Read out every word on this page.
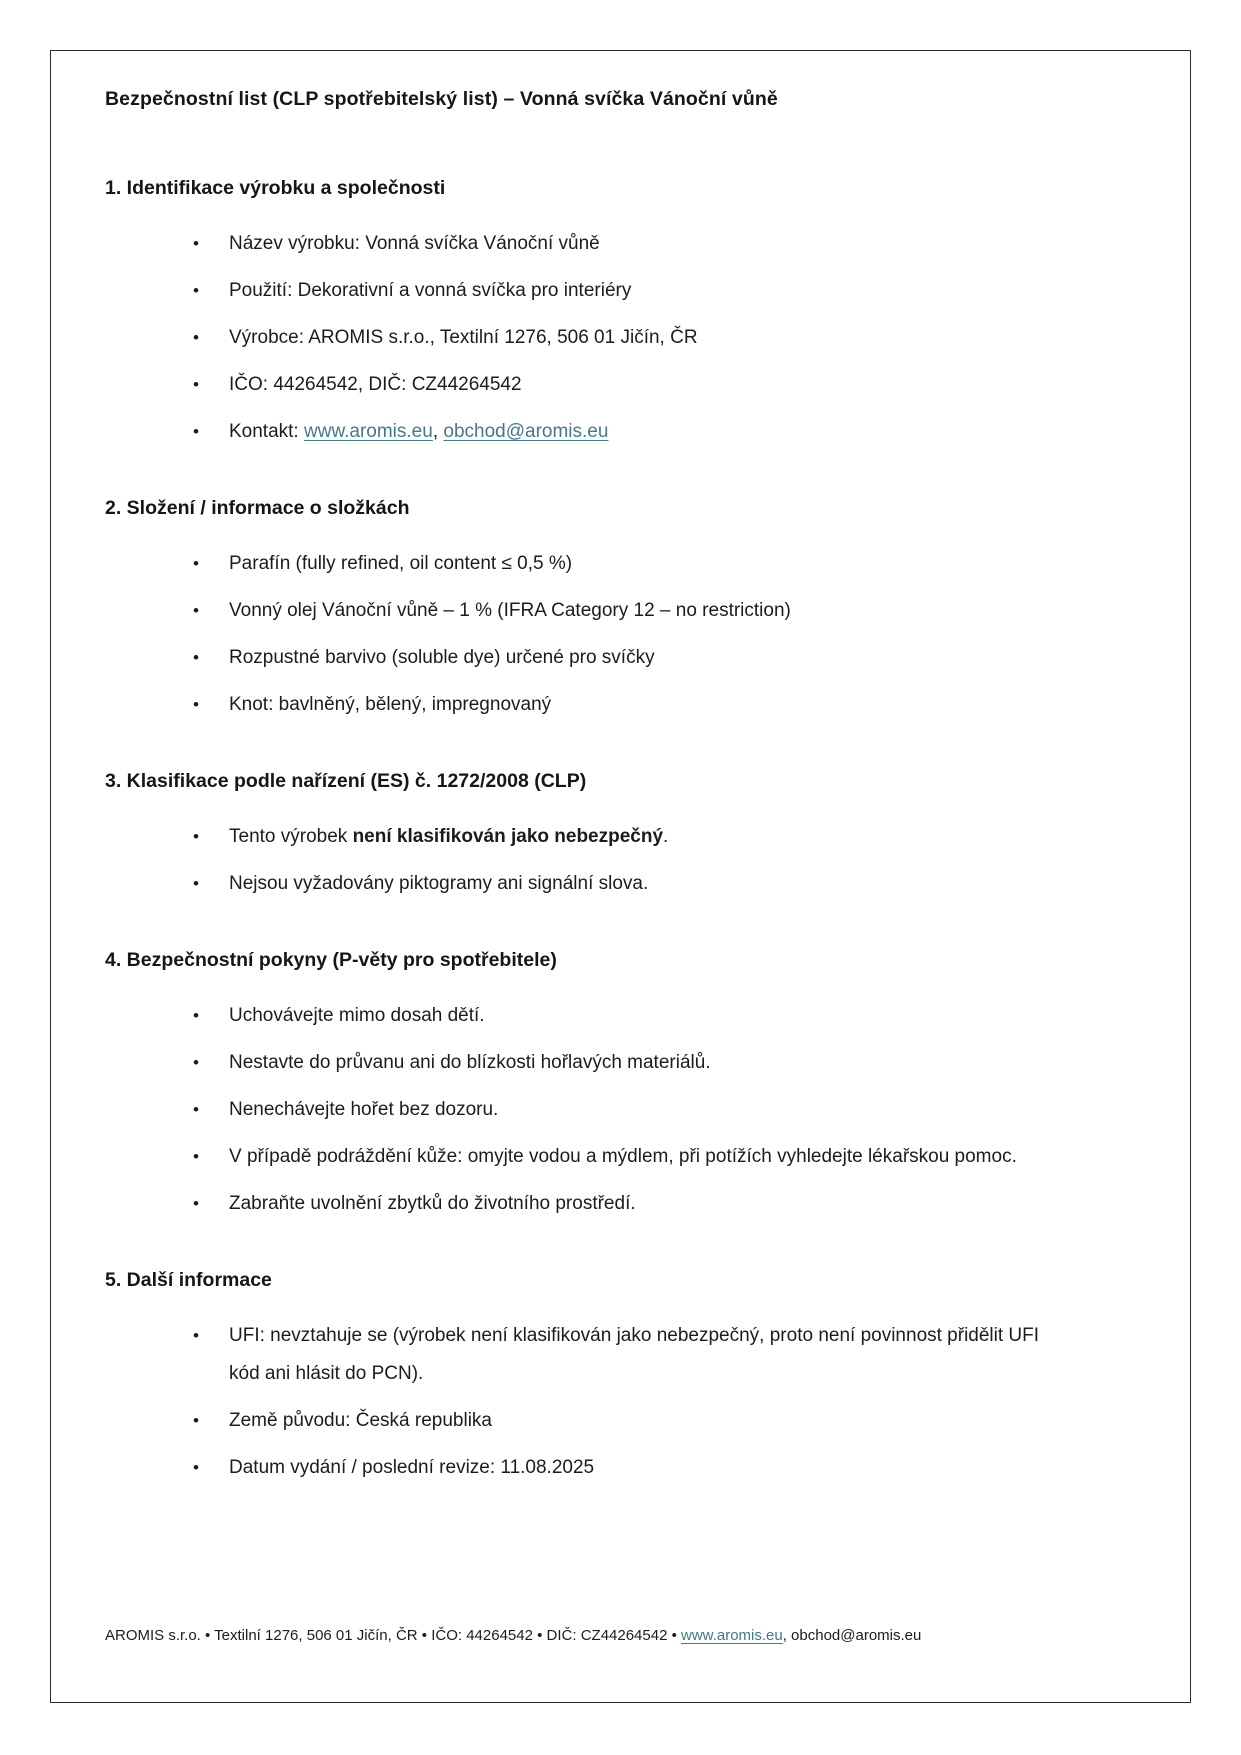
Bezpečnostní list (CLP spotřebitelský list) – Vonná svíčka Vánoční vůně
1. Identifikace výrobku a společnosti
• Název výrobku: Vonná svíčka Vánoční vůně
• Použití: Dekorativní a vonná svíčka pro interiéry
• Výrobce: AROMIS s.r.o., Textilní 1276, 506 01 Jičín, ČR
• IČO: 44264542, DIČ: CZ44264542
• Kontakt: www.aromis.eu, obchod@aromis.eu
2. Složení / informace o složkách
• Parafín (fully refined, oil content ≤ 0,5 %)
• Vonný olej Vánoční vůně – 1 % (IFRA Category 12 – no restriction)
• Rozpustné barvivo (soluble dye) určené pro svíčky
• Knot: bavlněný, bělený, impregnovaný
3. Klasifikace podle nařízení (ES) č. 1272/2008 (CLP)
• Tento výrobek není klasifikován jako nebezpečný.
• Nejsou vyžadovány piktogramy ani signální slova.
4. Bezpečnostní pokyny (P-věty pro spotřebitele)
• Uchovávejte mimo dosah dětí.
• Nestavte do průvanu ani do blízkosti hořlavých materiálů.
• Nenechávejte hořet bez dozoru.
• V případě podráždění kůže: omyjte vodou a mýdlem, při potížích vyhledejte lékařskou pomoc.
• Zabraňte uvolnění zbytků do životního prostředí.
5. Další informace
• UFI: nevztahuje se (výrobek není klasifikován jako nebezpečný, proto není povinnost přidělit UFI kód ani hlásit do PCN).
• Země původu: Česká republika
• Datum vydání / poslední revize: 11.08.2025
AROMIS s.r.o. • Textilní 1276, 506 01 Jičín, ČR • IČO: 44264542 • DIČ: CZ44264542 • www.aromis.eu, obchod@aromis.eu
